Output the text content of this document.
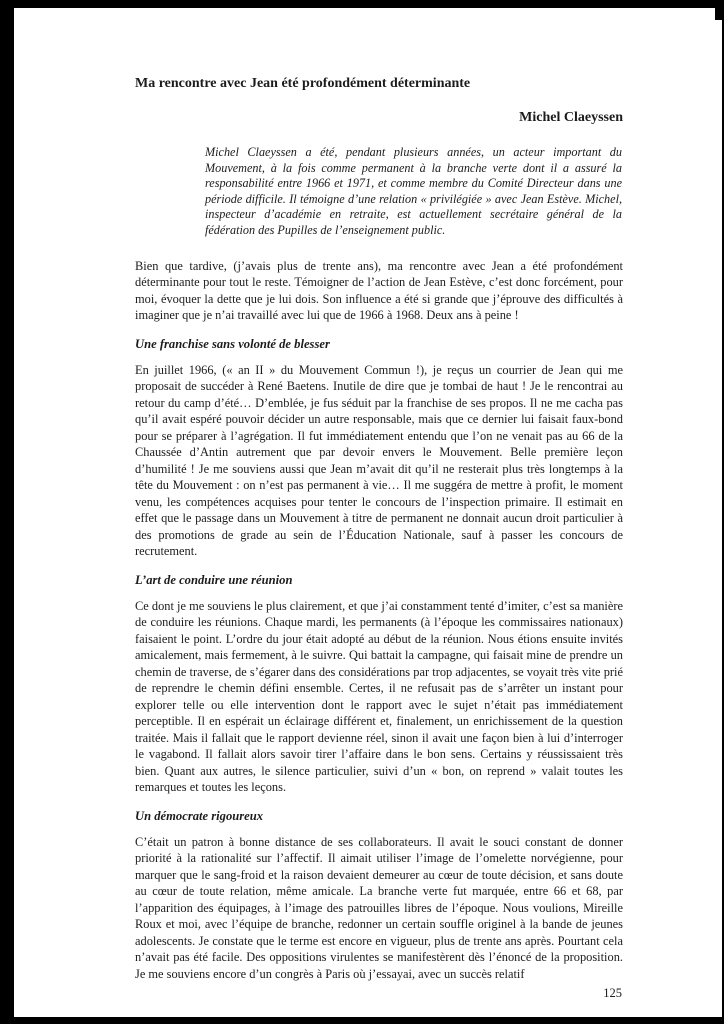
Ma rencontre avec Jean été profondément déterminante
Michel Claeyssen
Michel Claeyssen a été, pendant plusieurs années, un acteur important du Mouvement, à la fois comme permanent à la branche verte dont il a assuré la responsabilité entre 1966 et 1971, et comme membre du Comité Directeur dans une période difficile. Il témoigne d’une relation « privilégiée » avec Jean Estève. Michel, inspecteur d’académie en retraite, est actuellement secrétaire général de la fédération des Pupilles de l’enseignement public.

Bien que tardive, (j’avais plus de trente ans), ma rencontre avec Jean a été profondément déterminante pour tout le reste. Témoigner de l’action de Jean Estève, c’est donc forcément, pour moi, évoquer la dette que je lui dois. Son influence a été si grande que j’éprouve des difficultés à imaginer que je n’ai travaillé avec lui que de 1966 à 1968. Deux ans à peine !

Une franchise sans volonté de blesser

En juillet 1966, (« an II » du Mouvement Commun !), je reçus un courrier de Jean qui me proposait de succéder à René Baetens. Inutile de dire que je tombai de haut ! Je le rencontrai au retour du camp d’été… D’emblée, je fus séduit par la franchise de ses propos. Il ne me cacha pas qu’il avait espéré pouvoir décider un autre responsable, mais que ce dernier lui faisait faux-bond pour se préparer à l’agrégation. Il fut immédiatement entendu que l’on ne venait pas au 66 de la Chaussée d’Antin autrement que par devoir envers le Mouvement. Belle première leçon d’humilité ! Je me souviens aussi que Jean m’avait dit qu’il ne resterait plus très longtemps à la tête du Mouvement : on n’est pas permanent à vie… Il me suggéra de mettre à profit, le moment venu, les compétences acquises pour tenter le concours de l’inspection primaire. Il estimait en effet que le passage dans un Mouvement à titre de permanent ne donnait aucun droit particulier à des promotions de grade au sein de l’Éducation Nationale, sauf à passer les concours de recrutement.

L’art de conduire une réunion

Ce dont je me souviens le plus clairement, et que j’ai constamment tenté d’imiter, c’est sa manière de conduire les réunions. Chaque mardi, les permanents (à l’époque les commissaires nationaux) faisaient le point. L’ordre du jour était adopté au début de la réunion. Nous étions ensuite invités amicalement, mais fermement, à le suivre. Qui battait la campagne, qui faisait mine de prendre un chemin de traverse, de s’égarer dans des considérations par trop adjacentes, se voyait très vite prié de reprendre le chemin défini ensemble. Certes, il ne refusait pas de s’arrêter un instant pour explorer telle ou elle intervention dont le rapport avec le sujet n’était pas immédiatement perceptible. Il en espérait un éclairage différent et, finalement, un enrichissement de la question traitée. Mais il fallait que le rapport devienne réel, sinon il avait une façon bien à lui d’interroger le vagabond. Il fallait alors savoir tirer l’affaire dans le bon sens. Certains y réussissaient très bien. Quant aux autres, le silence particulier, suivi d’un « bon, on reprend » valait toutes les remarques et toutes les leçons.

Un démocrate rigoureux

C’était un patron à bonne distance de ses collaborateurs. Il avait le souci constant de donner priorité à la rationalité sur l’affectif. Il aimait utiliser l’image de l’omelette norvégienne, pour marquer que le sang-froid et la raison devaient demeurer au cœur de toute décision, et sans doute au cœur de toute relation, même amicale. La branche verte fut marquée, entre 66 et 68, par l’apparition des équipages, à l’image des patrouilles libres de l’époque. Nous voulions, Mireille Roux et moi, avec l’équipe de branche, redonner un certain souffle originel à la bande de jeunes adolescents. Je constate que le terme est encore en vigueur, plus de trente ans après. Pourtant cela n’avait pas été facile. Des oppositions virulentes se manifestèrent dès l’énoncé de la proposition. Je me souviens encore d’un congrès à Paris où j’essayai, avec un succès relatif

125
